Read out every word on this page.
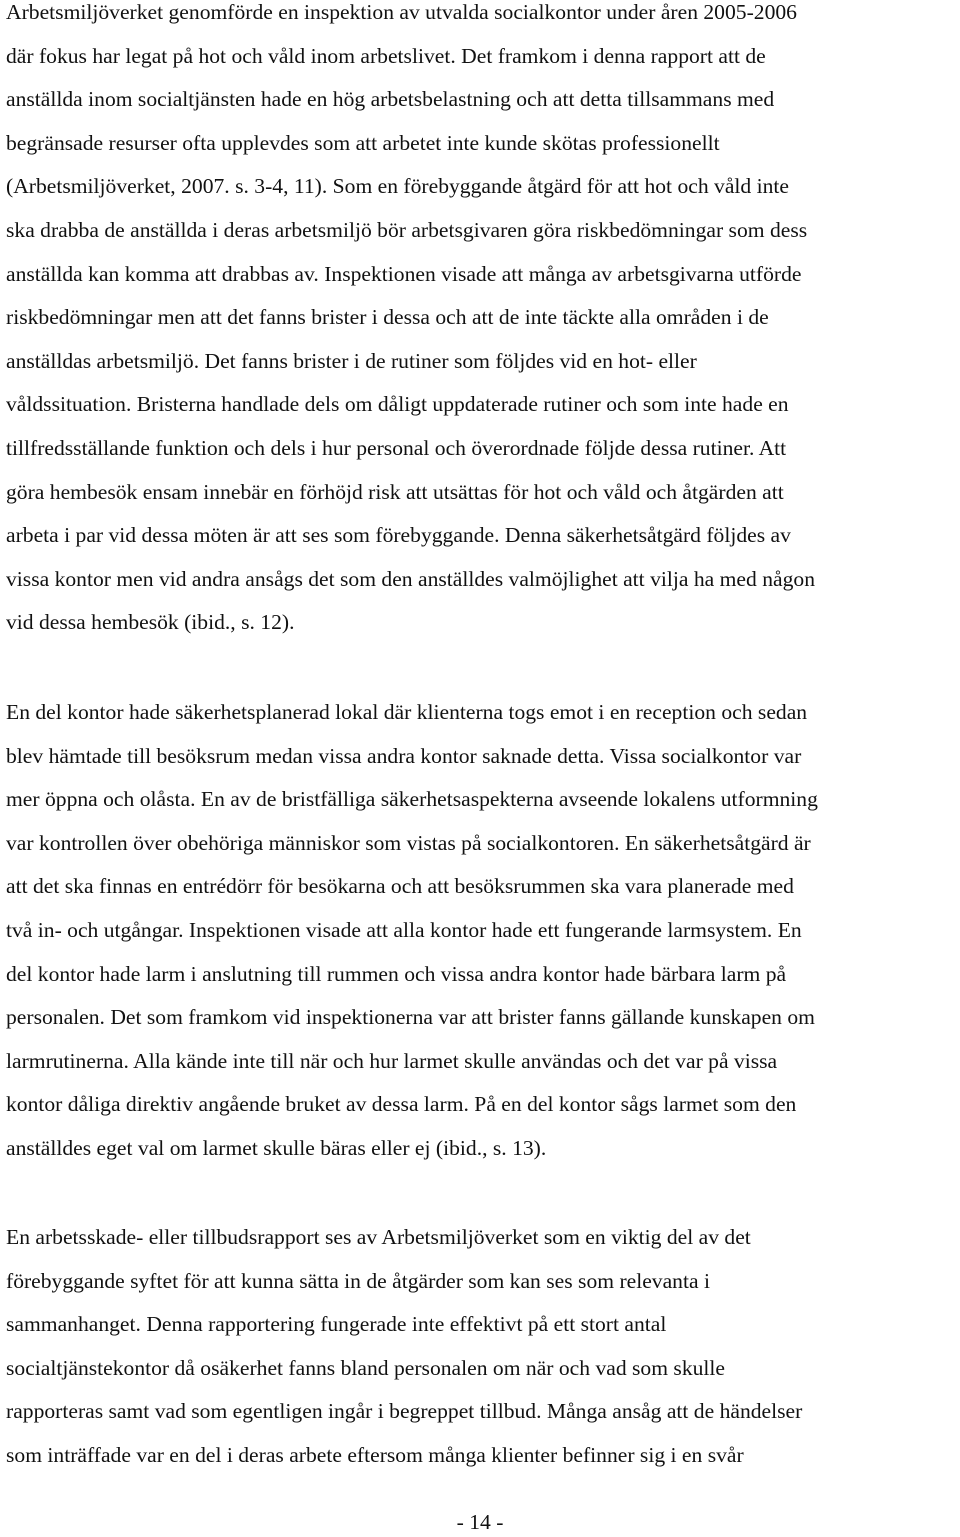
Arbetsmiljöverket genomförde en inspektion av utvalda socialkontor under åren 2005-2006
där fokus har legat på hot och våld inom arbetslivet. Det framkom i denna rapport att de
anställda inom socialtjänsten hade en hög arbetsbelastning och att detta tillsammans med
begränsade resurser ofta upplevdes som att arbetet inte kunde skötas professionellt
(Arbetsmiljöverket, 2007. s. 3-4, 11). Som en förebyggande åtgärd för att hot och våld inte
ska drabba de anställda i deras arbetsmiljö bör arbetsgivaren göra riskbedömningar som dess
anställda kan komma att drabbas av. Inspektionen visade att många av arbetsgivarna utförde
riskbedömningar men att det fanns brister i dessa och att de inte täckte alla områden i de
anställdas arbetsmiljö. Det fanns brister i de rutiner som följdes vid en hot- eller
våldssituation. Bristerna handlade dels om dåligt uppdaterade rutiner och som inte hade en
tillfredsställande funktion och dels i hur personal och överordnade följde dessa rutiner. Att
göra hembesök ensam innebär en förhöjd risk att utsättas för hot och våld och åtgärden att
arbeta i par vid dessa möten är att ses som förebyggande. Denna säkerhetsåtgärd följdes av
vissa kontor men vid andra ansågs det som den anställdes valmöjlighet att vilja ha med någon
vid dessa hembesök (ibid., s. 12).
En del kontor hade säkerhetsplanerad lokal där klienterna togs emot i en reception och sedan
blev hämtade till besöksrum medan vissa andra kontor saknade detta. Vissa socialkontor var
mer öppna och olåsta. En av de bristfälliga säkerhetsaspekterna avseende lokalens utformning
var kontrollen över obehöriga människor som vistas på socialkontoren. En säkerhetsåtgärd är
att det ska finnas en entrédörr för besökarna och att besöksrummen ska vara planerade med
två in- och utgångar. Inspektionen visade att alla kontor hade ett fungerande larmsystem. En
del kontor hade larm i anslutning till rummen och vissa andra kontor hade bärbara larm på
personalen. Det som framkom vid inspektionerna var att brister fanns gällande kunskapen om
larmrutinerna. Alla kände inte till när och hur larmet skulle användas och det var på vissa
kontor dåliga direktiv angående bruket av dessa larm. På en del kontor sågs larmet som den
anställdes eget val om larmet skulle bäras eller ej (ibid., s. 13).
En arbetsskade- eller tillbudsrapport ses av Arbetsmiljöverket som en viktig del av det
förebyggande syftet för att kunna sätta in de åtgärder som kan ses som relevanta i
sammanhanget. Denna rapportering fungerade inte effektivt på ett stort antal
socialtjänstekontor då osäkerhet fanns bland personalen om när och vad som skulle
rapporteras samt vad som egentligen ingår i begreppet tillbud. Många ansåg att de händelser
som inträffade var en del i deras arbete eftersom många klienter befinner sig i en svår
- 14 -
